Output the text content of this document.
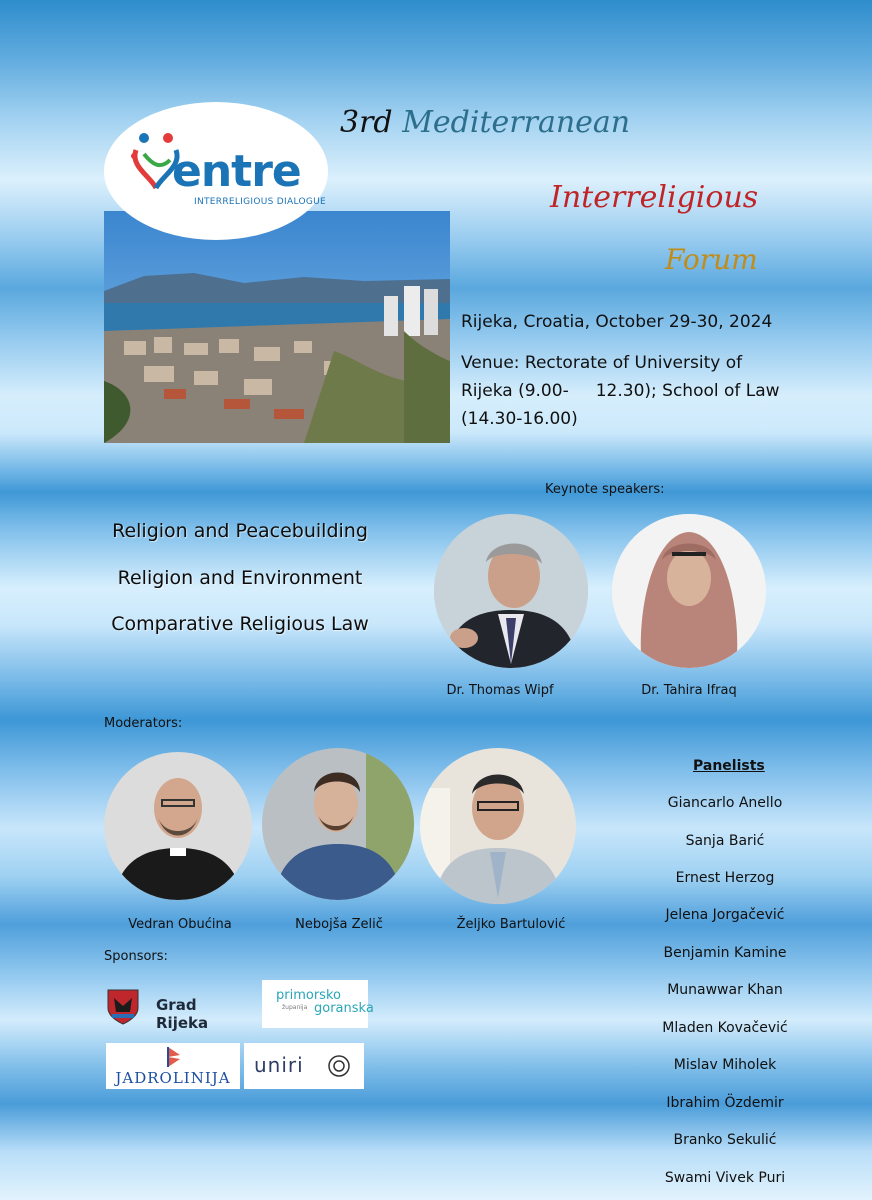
entre
INTERRELIGIOUS DIALOGUE
3rd Mediterranean
Interreligious
Forum
Rijeka, Croatia, October 29-30, 2024
Venue: Rectorate of University of
Rijeka (9.00-     12.30); School of Law
(14.30-16.00)
Religion and Peacebuilding
Religion and Environment
Comparative Religious Law
Keynote speakers:
Dr. Thomas Wipf	Dr. Tahira Ifraq
Moderators:
Vedran Obućina	Nebojša Zelič	Željko Bartulović
Panelists
Giancarlo Anello
Sanja Barić
Ernest Herzog
Jelena Jorgačević
Benjamin Kamine
Munawwar Khan
Mladen Kovačević
Mislav Miholek
Ibrahim Özdemir
Branko Sekulić
Swami Vivek Puri
Sponsors:
Grad Rijeka
primorsko
županija goranska
JADROLINIJA
uniri
